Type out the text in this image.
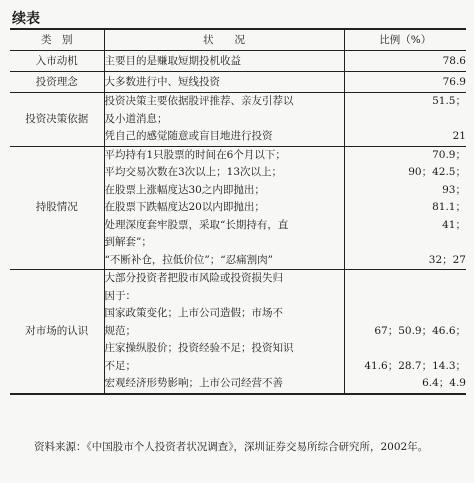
续表
类　别	状　　况	比例（%）
入市动机	主要目的是赚取短期投机收益	78.6
投资理念	大多数进行中、短线投资	76.9
投资决策依据	投资决策主要依据股评推荐、亲友引荐以	51.5；
	及小道消息；	
	凭自己的感觉随意或盲目地进行投资	21
持股情况	平均持有1只股票的时间在6个月以下；	70.9；
	平均交易次数在3次以上；13次以上；	90；42.5；
	在股票上涨幅度达30之内即抛出；	93；
	在股票下跌幅度达20以内即抛出；	81.1；
	处理深度套牢股票，采取“长期持有，直	41；
	到解套”；	
	“不断补仓，拉低价位”；“忍痛割肉”	32；27
对市场的认识	大部分投资者把股市风险或投资损失归	
	因于：	
	国家政策变化；上市公司造假；市场不	
	规范；	67；50.9；46.6；
	庄家操纵股价；投资经验不足；投资知识	
	不足；	41.6；28.7；14.3；
	宏观经济形势影响；上市公司经营不善	6.4；4.9
资料来源：《中国股市个人投资者状况调查》，深圳证券交易所综合研究所，2002年。
